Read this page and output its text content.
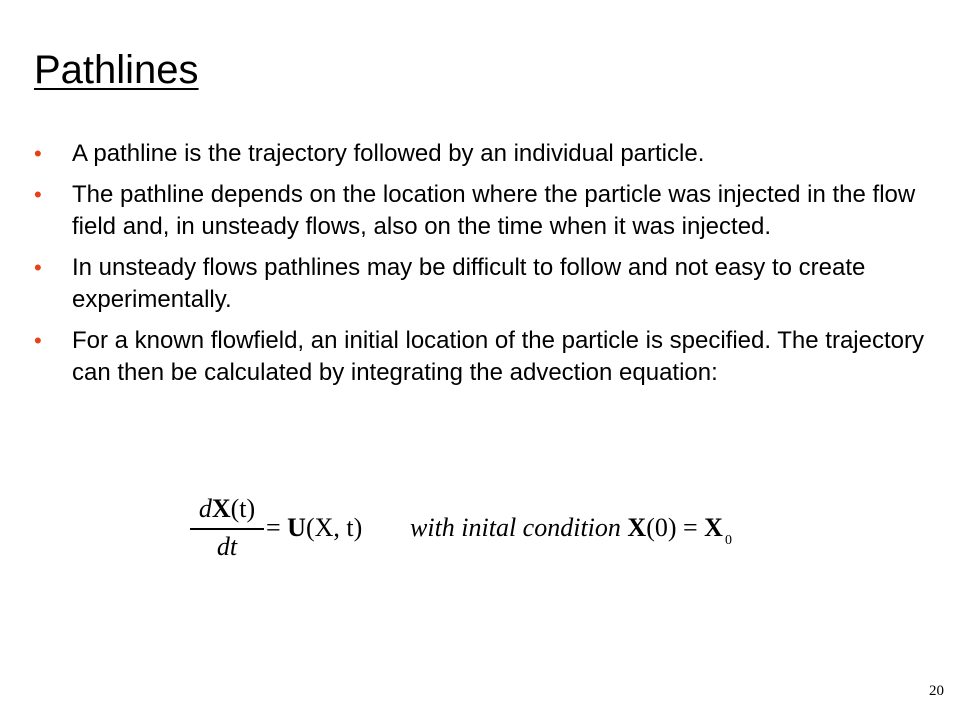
Pathlines
•	A pathline is the trajectory followed by an individual particle.
•	The pathline depends on the location where the particle was injected in the flow field and, in unsteady flows, also on the time when it was injected.
•	In unsteady flows pathlines may be difficult to follow and not easy to create experimentally.
•	For a known flowfield, an initial location of the particle is specified. The trajectory can then be calculated by integrating the advection equation:
dX(t)
dt
= U(X, t) with inital condition X(0) = X $_0$
20
